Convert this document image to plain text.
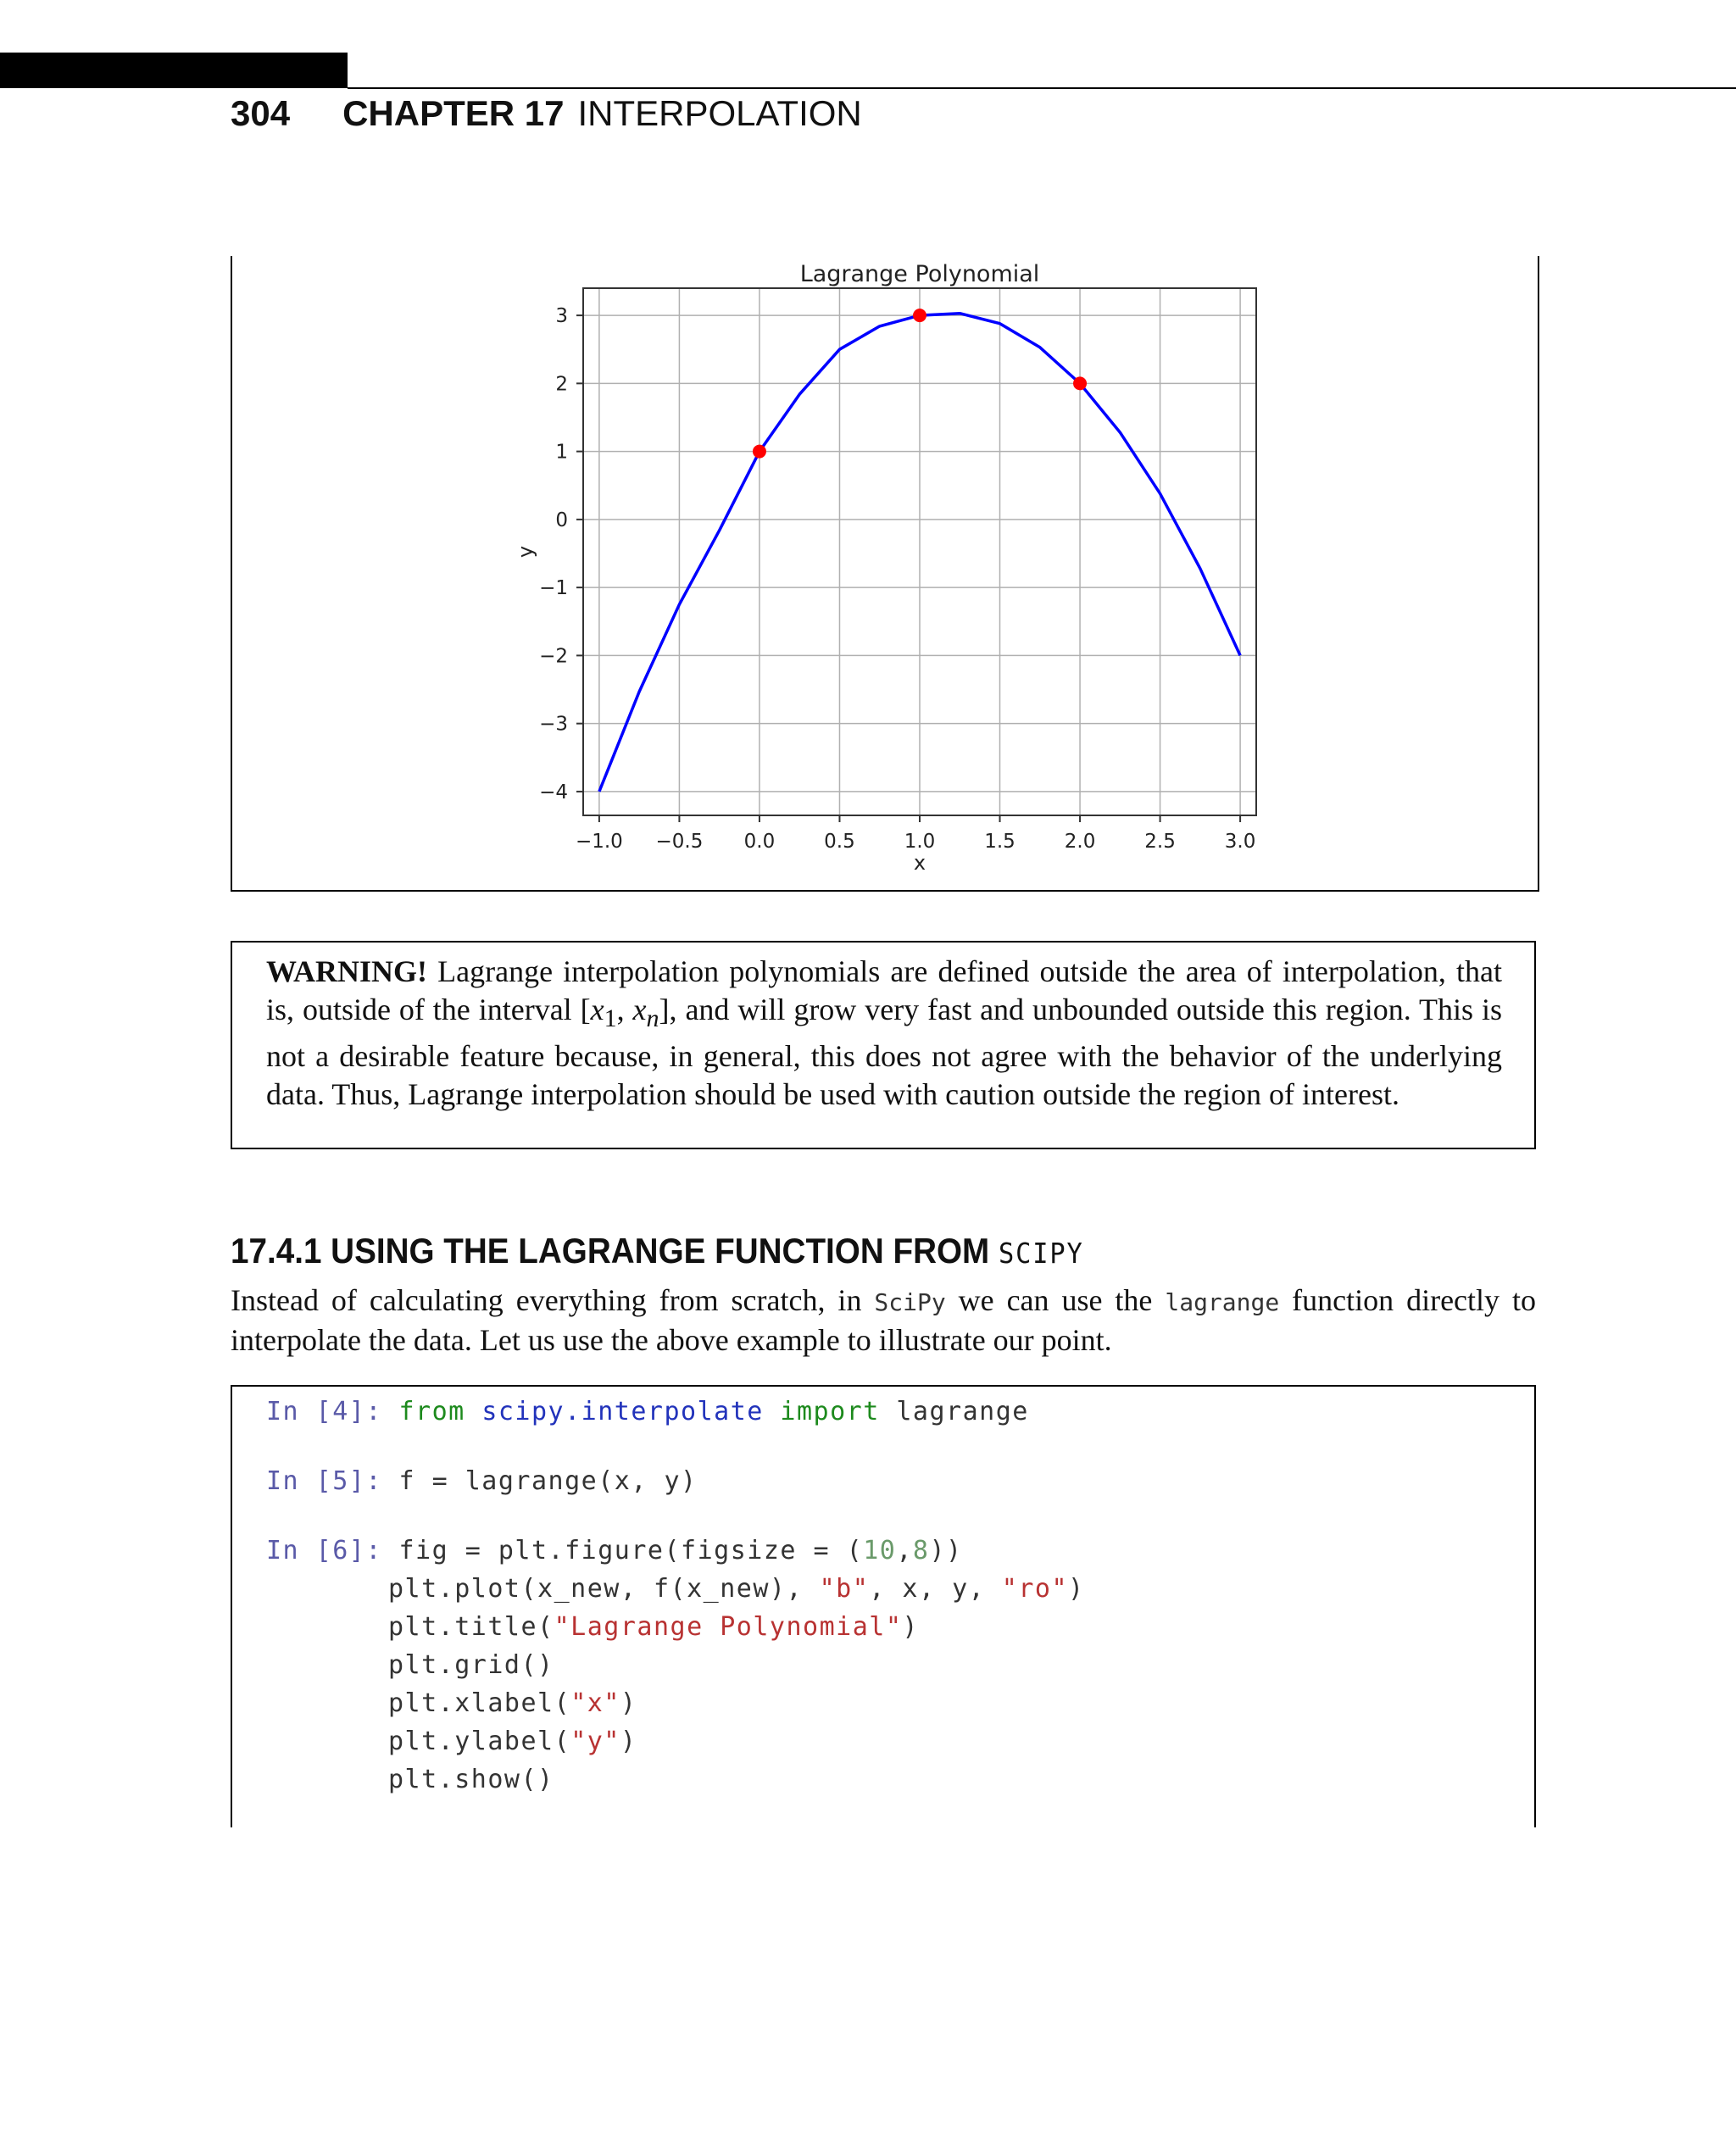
304 CHAPTER 17 INTERPOLATION
−1.0 −0.5 0.0	0.5	1.0	1.5	2.0	2.5	3.0
−4
−3
−2
−1
0
1
2
3
Lagrange Polynomial
x
y

WARNING! Lagrange interpolation polynomials are defined outside the area of interpolation, that is, outside of the interval [$x_1$, $x_n$], and will grow very fast and unbounded outside this region. This is not a desirable feature because, in general, this does not agree with the behavior of the underlying data. Thus, Lagrange interpolation should be used with caution outside the region of interest.

17.4.1 USING THE LAGRANGE FUNCTION FROM SCIPY

Instead of calculating everything from scratch, in SciPy we can use the lagrange function directly to interpolate the data. Let us use the above example to illustrate our point.

In [4]: from scipy.interpolate import lagrange
In [5]: f = lagrange(x, y)
In [6]: fig = plt.figure(figsize = (10,8))
plt.plot(x_new, f(x_new), "b", x, y, "ro")
plt.title("Lagrange Polynomial")
plt.grid()
plt.xlabel("x")
plt.ylabel("y")
plt.show()
